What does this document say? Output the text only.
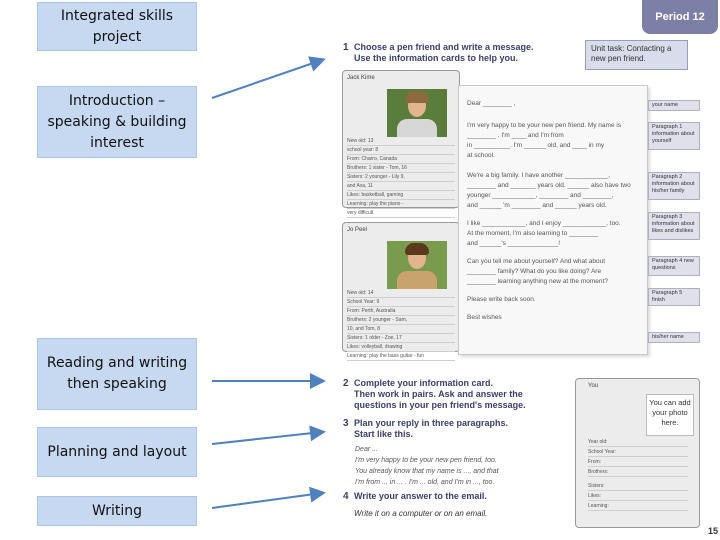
Integrated skills project
Introduction – speaking & building interest
Reading and writing then speaking
Planning and layout
Writing
Period 12
1 Choose a pen friend and write a message.
Use the information cards to help you.
Unit task: Contacting a new pen friend.
Jack Kime
New old: 13
school year: 8
From: Charro, Canada
Brothers: 1 sister - Tom, 16
Sisters: 2 younger - Lily 9,
and Ava, 11
Likes: basketball, gaming
Learning: play the piano -
very difficult
Jo Peel
New old: 14
School Year: 9
From: Perth, Australia
Brothers: 2 younger - Sam,
10, and Tom, 8
Sisters: 1 older - Zoe, 17
Likes: volleyball, drawing
Learning: play the bass guitar - fun
Dear ________ ,
I'm very happy to be your new pen friend. My name is
________ . I'm ____ and I'm from
in __________. I'm ______ old, and ____ in my
at school.
We're a big family. I have another ____________,
________ and _______ years old. ______ also have two
younger ____________, ________ and ________,
and ______ 'm ________ and ______ years old.
I like ____________, and I enjoy ____________, too.
At the moment, I'm also learning to ________
and ______'s ______________!
Can you tell me about yourself? And what about
________ family? What do you like doing? Are
________ learning anything new at the moment?
Please write back soon.
Best wishes
your name
Paragraph 1 information about yourself
Paragraph 2 information about his/her family
Paragraph 3 information about likes and dislikes
Paragraph 4 new questions
Paragraph 5 finish
his/her name
2 Complete your information card.
Then work in pairs. Ask and answer the
questions in your pen friend's message.
3 Plan your reply in three paragraphs.
Start like this.
Dear ...
I'm very happy to be your new pen friend, too.
You already know that my name is ..., and that
I'm from ... in ... . I'm ... old, and I'm in ..., too.
4 Write your answer to the email.
Write it on a computer or on an email.
You
You can add your photo here.
Year old:
School Year:
From:
Brothers:
Sisters:
Likes:
Learning:
15
